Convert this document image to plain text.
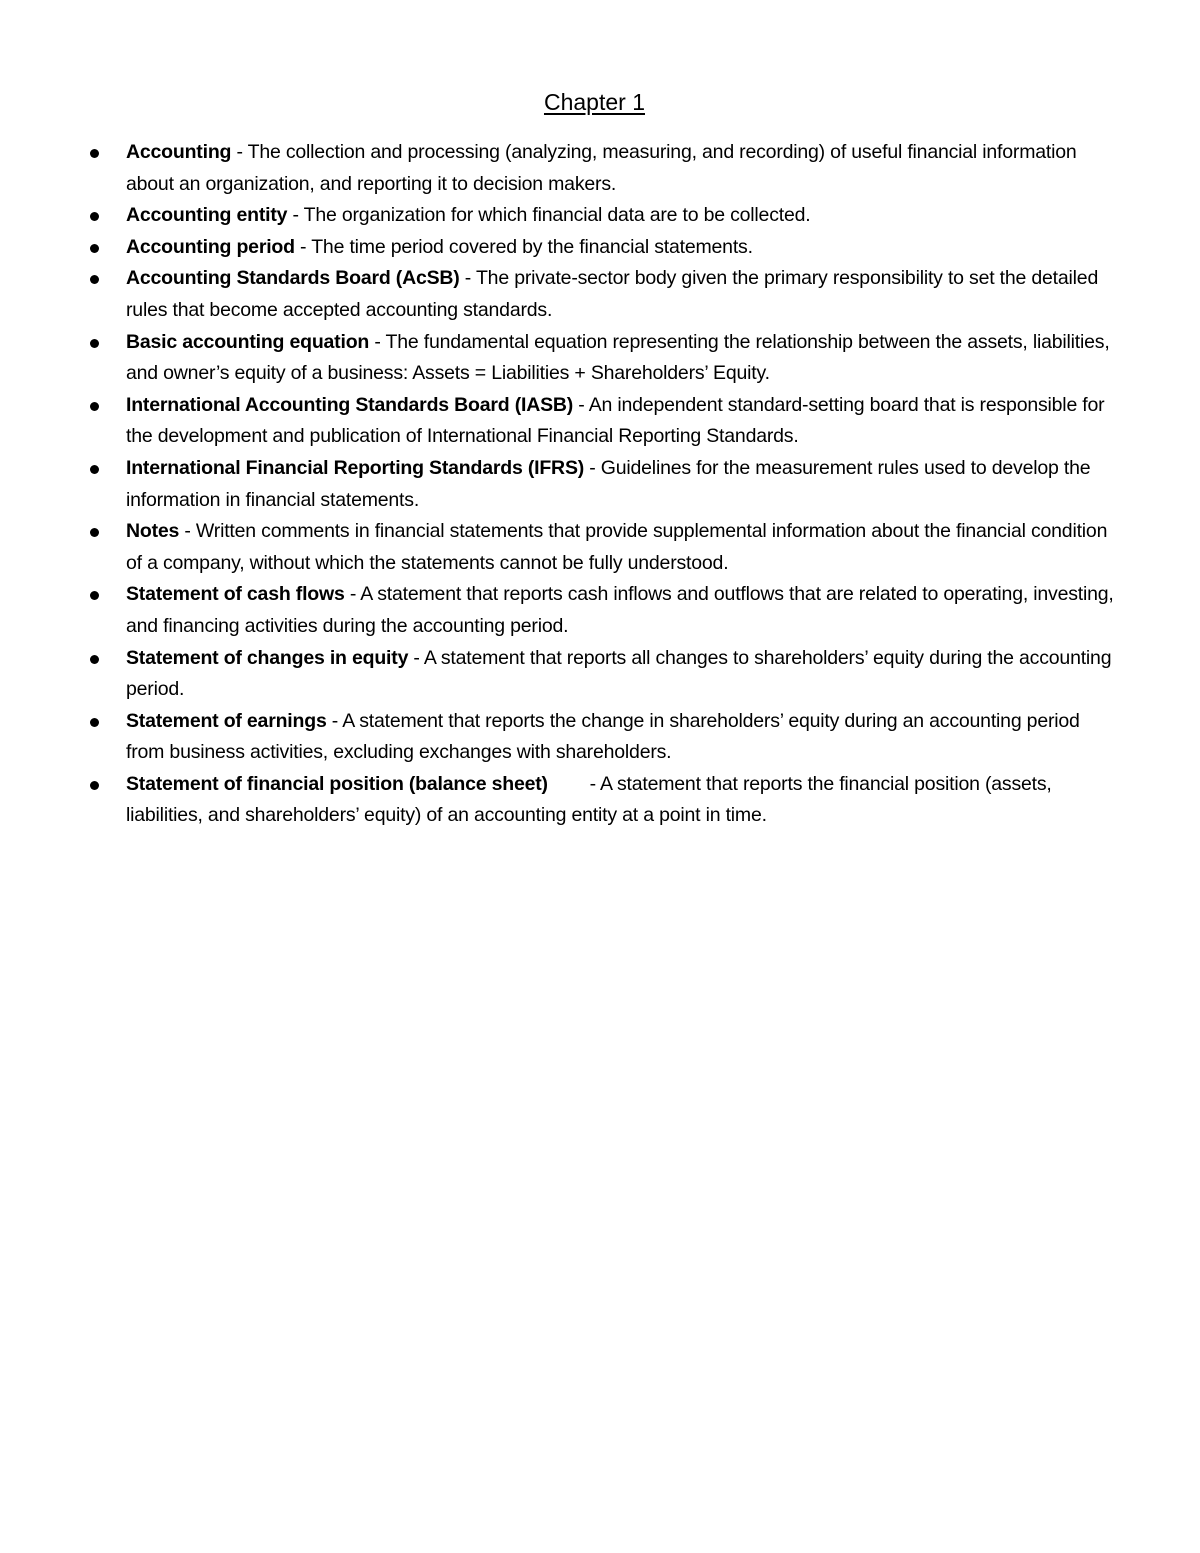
Chapter 1
Accounting - The collection and processing (analyzing, measuring, and recording) of useful financial information about an organization, and reporting it to decision makers.
Accounting entity - The organization for which financial data are to be collected.
Accounting period - The time period covered by the financial statements.
Accounting Standards Board (AcSB) - The private-sector body given the primary responsibility to set the detailed rules that become accepted accounting standards.
Basic accounting equation - The fundamental equation representing the relationship between the assets, liabilities, and owner’s equity of a business: Assets = Liabilities + Shareholders’ Equity.
International Accounting Standards Board (IASB) - An independent standard-setting board that is responsible for the development and publication of International Financial Reporting Standards.
International Financial Reporting Standards (IFRS) - Guidelines for the measurement rules used to develop the information in financial statements.
Notes - Written comments in financial statements that provide supplemental information about the financial condition of a company, without which the statements cannot be fully understood.
Statement of cash flows - A statement that reports cash inflows and outflows that are related to operating, investing, and financing activities during the accounting period.
Statement of changes in equity - A statement that reports all changes to shareholders’ equity during the accounting period.
Statement of earnings - A statement that reports the change in shareholders’ equity during an accounting period from business activities, excluding exchanges with shareholders.
Statement of financial position (balance sheet)        - A statement that reports the financial position (assets, liabilities, and shareholders’ equity) of an accounting entity at a point in time.
